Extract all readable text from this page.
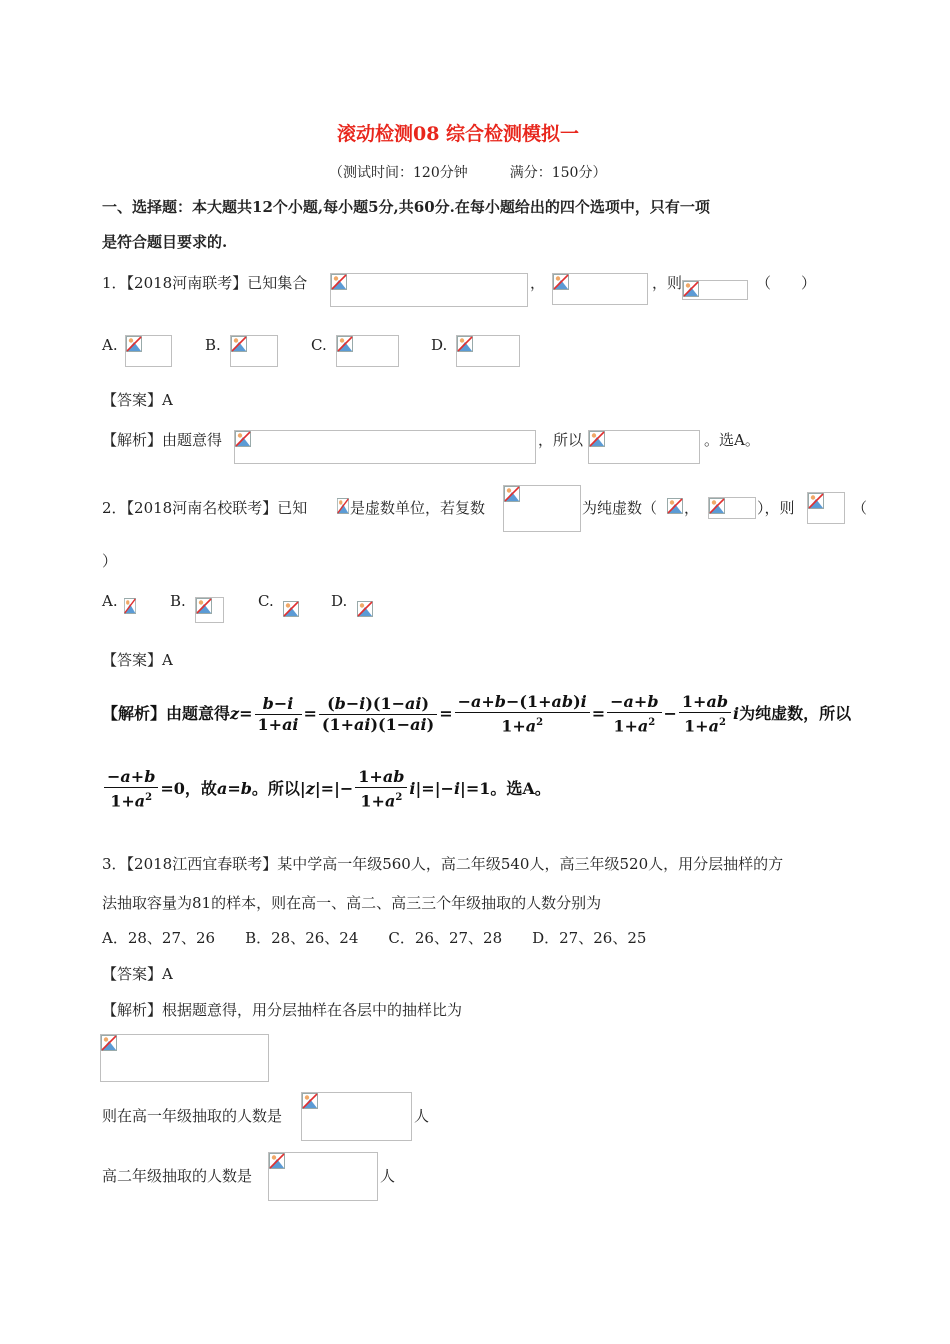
滚动检测08 综合检测模拟一
（测试时间：120分钟　　　满分：150分）
一、选择题：本大题共12个小题,每小题5分,共60分.在每小题给出的四个选项中，只有一项
是符合题目要求的.
1．【2018河南联考】已知集合	，	，则	（　　）
A.	B.	C.	D.
【答案】A
【解析】由题意得	，所以	。选A。
2．【2018河南名校联考】已知	是虚数单位，若复数	为纯虚数（ ，	），则	（
）
A.	B.	C.	D.
【答案】A
【解析】由题意得$z= \frac{b-i}{1+ai} = \frac{(b-i)(1-ai)}{(1+ai)(1-ai)} = \frac{-a+b-(1+ab)i}{1+a^2} = \frac{-a+b}{1+a^2} - \frac{1+ab}{1+a^2}$ i为纯虚数，所以
$\frac{-a+b}{1+a^2} =0$，故a=b。所以$|z|=|- \frac{1+ab}{1+a^2} i|=|-i|=1$。选A。
3．【2018江西宜春联考】某中学高一年级560人，高二年级540人，高三年级520人，用分层抽样的方
法抽取容量为81的样本，则在高一、高二、高三三个年级抽取的人数分别为
A．28、27、26　　B．28、26、24　　C．26、27、28　　D．27、26、25
【答案】A
【解析】根据题意得，用分层抽样在各层中的抽样比为
则在高一年级抽取的人数是	人
高二年级抽取的人数是	人
